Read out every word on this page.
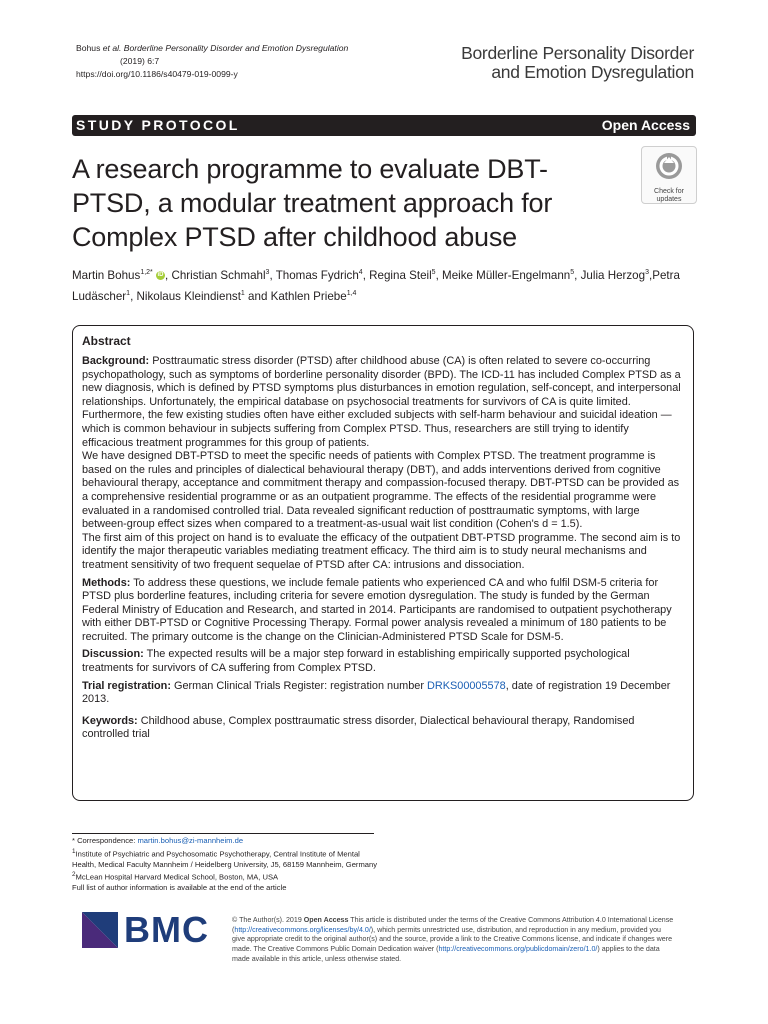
Bohus et al. Borderline Personality Disorder and Emotion Dysregulation
(2019) 6:7
https://doi.org/10.1186/s40479-019-0099-y
Borderline Personality Disorder
and Emotion Dysregulation
STUDY PROTOCOL	Open Access
A research programme to evaluate DBT-PTSD, a modular treatment approach for Complex PTSD after childhood abuse
Check for
updates
Martin Bohus$^{1,2*}$ iD , Christian Schmahl$^3$, Thomas Fydrich$^4$, Regina Steil$^5$, Meike Müller-Engelmann$^5$, Julia Herzog$^3$,Petra Ludäscher$^1$, Nikolaus Kleindienst$^1$ and Kathlen Priebe$^{1,4}$
Abstract

Background: Posttraumatic stress disorder (PTSD) after childhood abuse (CA) is often related to severe co-occurring psychopathology, such as symptoms of borderline personality disorder (BPD). The ICD-11 has included Complex PTSD as a new diagnosis, which is defined by PTSD symptoms plus disturbances in emotion regulation, self-concept, and interpersonal relationships. Unfortunately, the empirical database on psychosocial treatments for survivors of CA is quite limited. Furthermore, the few existing studies often have either excluded subjects with self-harm behaviour and suicidal ideation — which is common behaviour in subjects suffering from Complex PTSD. Thus, researchers are still trying to identify efficacious treatment programmes for this group of patients.

We have designed DBT-PTSD to meet the specific needs of patients with Complex PTSD. The treatment programme is based on the rules and principles of dialectical behavioural therapy (DBT), and adds interventions derived from cognitive behavioural therapy, acceptance and commitment therapy and compassion-focused therapy. DBT-PTSD can be provided as a comprehensive residential programme or as an outpatient programme. The effects of the residential programme were evaluated in a randomised controlled trial. Data revealed significant reduction of posttraumatic symptoms, with large between-group effect sizes when compared to a treatment-as-usual wait list condition (Cohen's d = 1.5).

The first aim of this project on hand is to evaluate the efficacy of the outpatient DBT-PTSD programme. The second aim is to identify the major therapeutic variables mediating treatment efficacy. The third aim is to study neural mechanisms and treatment sensitivity of two frequent sequelae of PTSD after CA: intrusions and dissociation.

Methods: To address these questions, we include female patients who experienced CA and who fulfil DSM-5 criteria for PTSD plus borderline features, including criteria for severe emotion dysregulation. The study is funded by the German Federal Ministry of Education and Research, and started in 2014. Participants are randomised to outpatient psychotherapy with either DBT-PTSD or Cognitive Processing Therapy. Formal power analysis revealed a minimum of 180 patients to be recruited. The primary outcome is the change on the Clinician-Administered PTSD Scale for DSM-5.

Discussion: The expected results will be a major step forward in establishing empirically supported psychological treatments for survivors of CA suffering from Complex PTSD.

Trial registration: German Clinical Trials Register: registration number DRKS00005578, date of registration 19 December 2013.

Keywords: Childhood abuse, Complex posttraumatic stress disorder, Dialectical behavioural therapy, Randomised controlled trial

* Correspondence: martin.bohus@zi-mannheim.de
$^1$Institute of Psychiatric and Psychosomatic Psychotherapy, Central Institute of Mental Health, Medical Faculty Mannheim / Heidelberg University, J5, 68159 Mannheim, Germany
$^2$McLean Hospital Harvard Medical School, Boston, MA, USA
Full list of author information is available at the end of the article
BMC	© The Author(s). 2019 Open Access This article is distributed under the terms of the Creative Commons Attribution 4.0 International License (http://creativecommons.org/licenses/by/4.0/), which permits unrestricted use, distribution, and reproduction in any medium, provided you give appropriate credit to the original author(s) and the source, provide a link to the Creative Commons license, and indicate if changes were made. The Creative Commons Public Domain Dedication waiver (http://creativecommons.org/publicdomain/zero/1.0/) applies to the data made available in this article, unless otherwise stated.
